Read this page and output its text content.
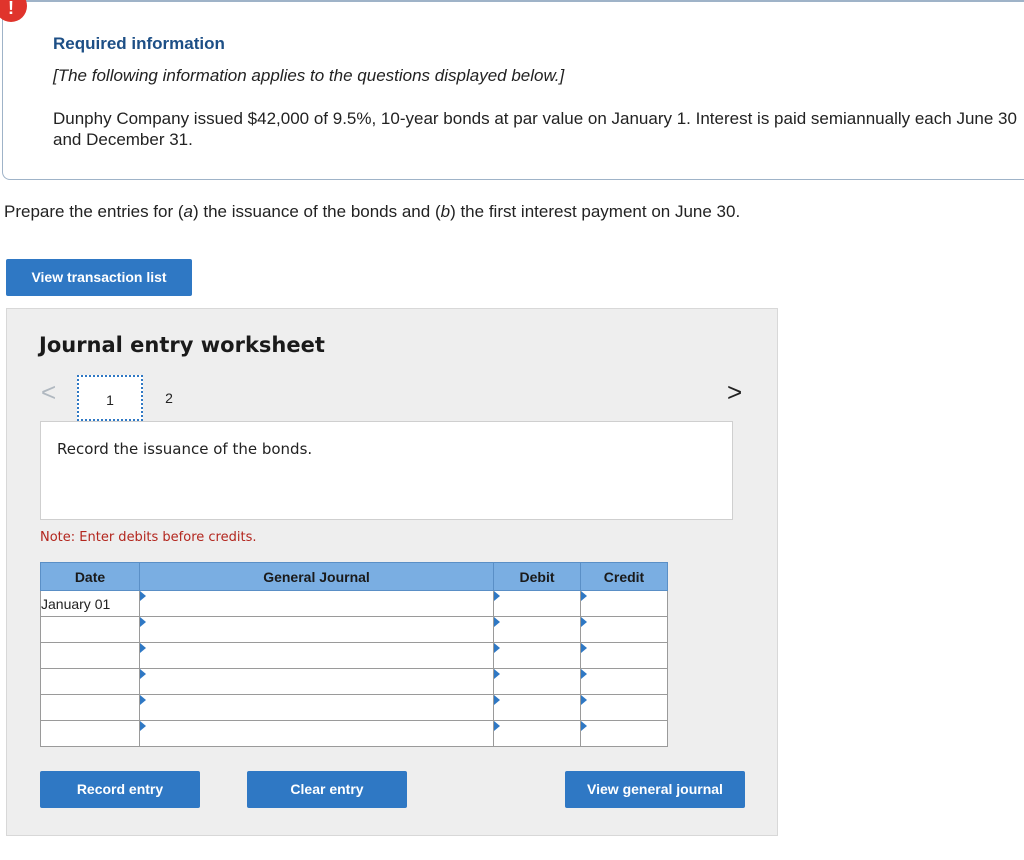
!
Required information
[The following information applies to the questions displayed below.]
Dunphy Company issued $42,000 of 9.5%, 10-year bonds at par value on January 1. Interest is paid semiannually each June 30 and December 31.
Prepare the entries for (a) the issuance of the bonds and (b) the first interest payment on June 30.
View transaction list
Journal entry worksheet
<	1	2	>
Record the issuance of the bonds.
Note: Enter debits before credits.
Date	General Journal	Debit	Credit
January 01	

Record entry	Clear entry	View general journal
